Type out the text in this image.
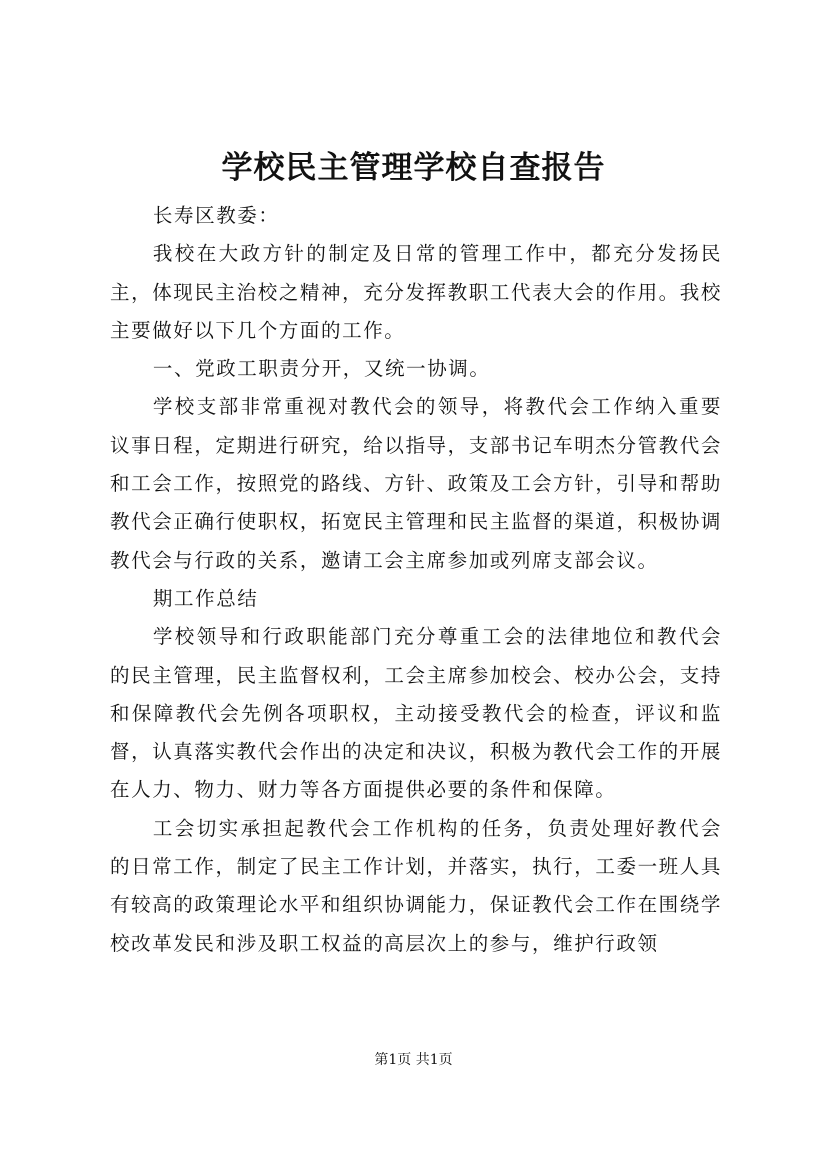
学校民主管理学校自查报告

长寿区教委：

我校在大政方针的制定及日常的管理工作中，都充分发扬民主，体现民主治校之精神，充分发挥教职工代表大会的作用。我校主要做好以下几个方面的工作。

一、党政工职责分开，又统一协调。

学校支部非常重视对教代会的领导，将教代会工作纳入重要议事日程，定期进行研究，给以指导，支部书记车明杰分管教代会和工会工作，按照党的路线、方针、政策及工会方针，引导和帮助教代会正确行使职权，拓宽民主管理和民主监督的渠道，积极协调教代会与行政的关系，邀请工会主席参加或列席支部会议。

期工作总结

学校领导和行政职能部门充分尊重工会的法律地位和教代会的民主管理，民主监督权利，工会主席参加校会、校办公会，支持和保障教代会先例各项职权，主动接受教代会的检查，评议和监督，认真落实教代会作出的决定和决议，积极为教代会工作的开展在人力、物力、财力等各方面提供必要的条件和保障。

工会切实承担起教代会工作机构的任务，负责处理好教代会的日常工作，制定了民主工作计划，并落实，执行，工委一班人具有较高的政策理论水平和组织协调能力，保证教代会工作在围绕学校改革发民和涉及职工权益的高层次上的参与，维护行政领

第1页 共1页
